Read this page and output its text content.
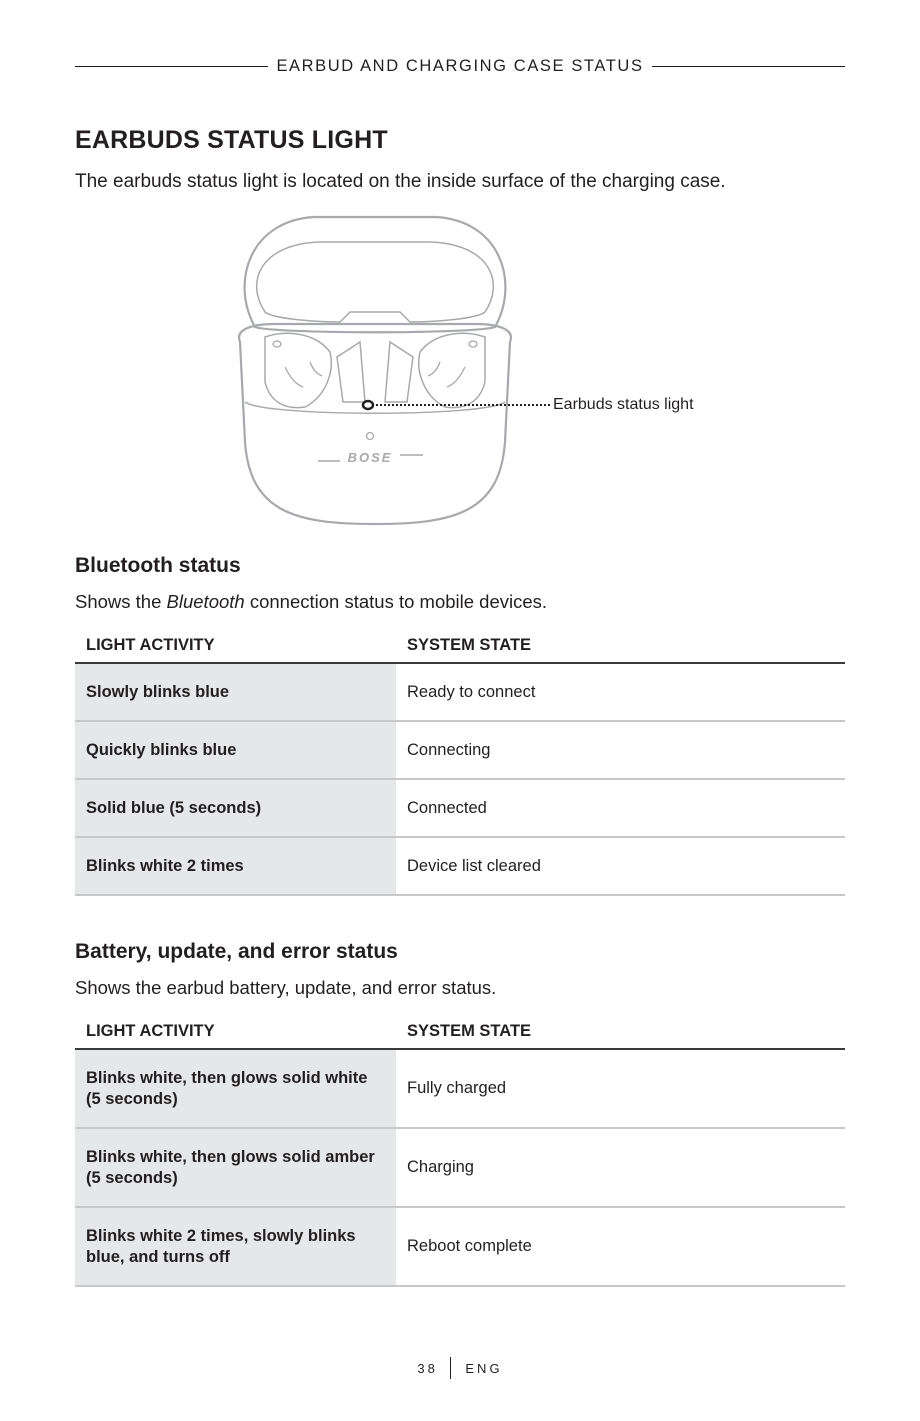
EARBUD AND CHARGING CASE STATUS
EARBUDS STATUS LIGHT

The earbuds status light is located on the inside surface of the charging case.

BOSE
Earbuds status light
Bluetooth status

Shows the Bluetooth connection status to mobile devices.

LIGHT ACTIVITY	SYSTEM STATE
Slowly blinks blue	Ready to connect
Quickly blinks blue	Connecting
Solid blue (5 seconds)	Connected
Blinks white 2 times	Device list cleared
Battery, update, and error status

Shows the earbud battery, update, and error status.

LIGHT ACTIVITY	SYSTEM STATE
Blinks white, then glows solid white (5 seconds)	Fully charged
Blinks white, then glows solid amber (5 seconds)	Charging
Blinks white 2 times, slowly blinks blue, and turns off	Reboot complete
38 ENG
